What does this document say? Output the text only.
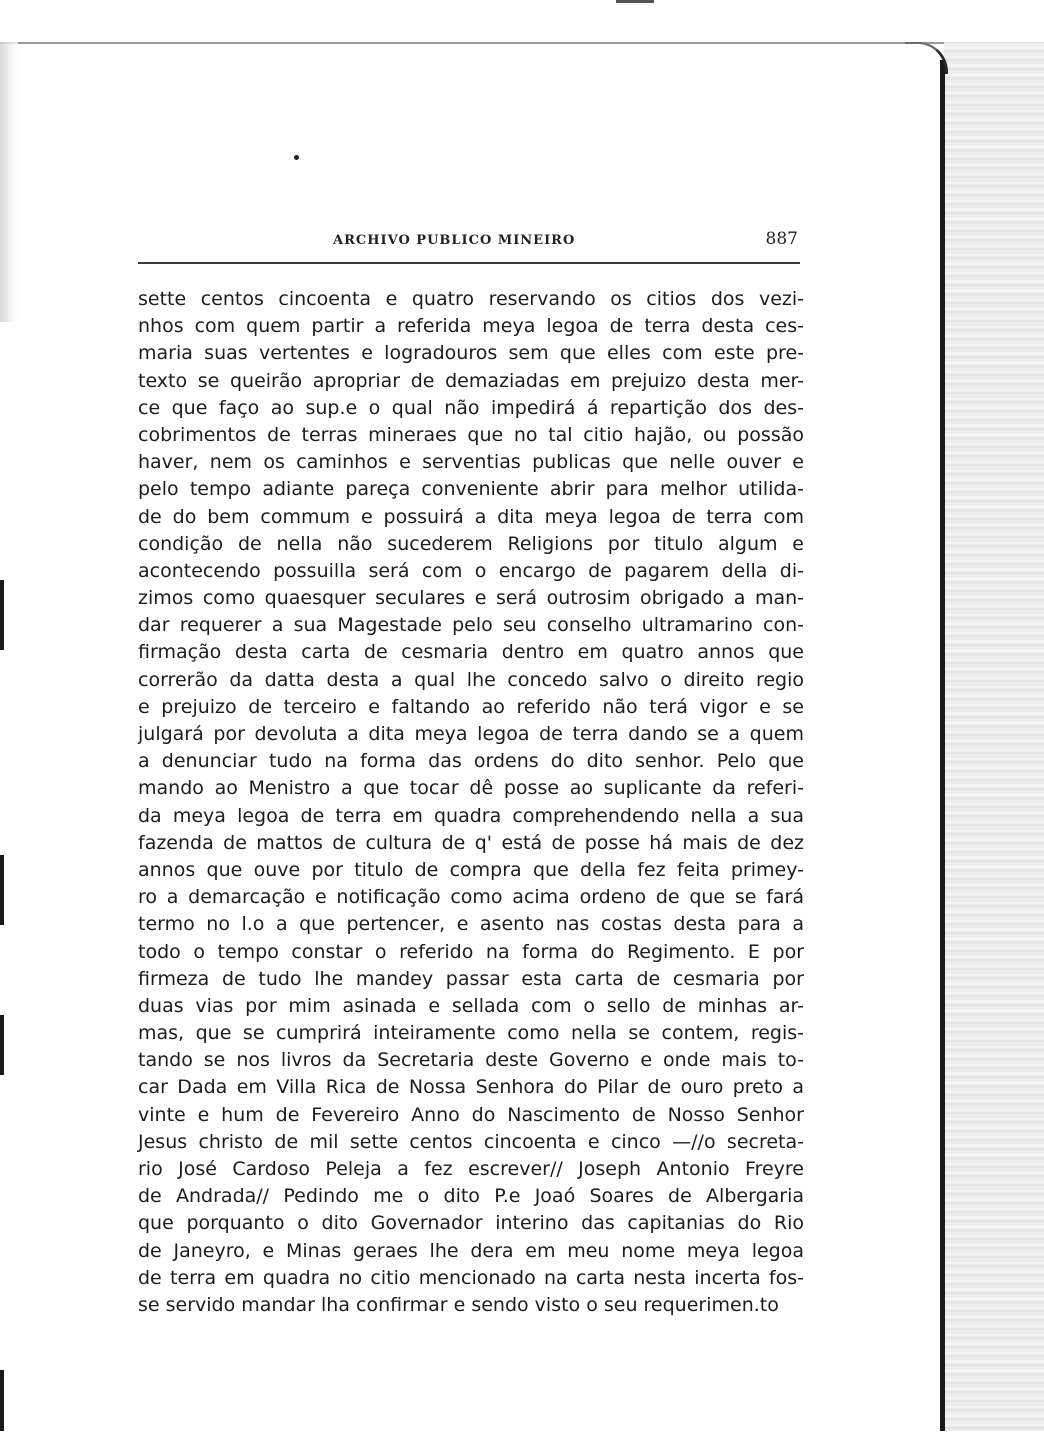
ARCHIVO PUBLICO MINEIRO	887
sette centos cincoenta e quatro reservando os citios dos vezi-
nhos com quem partir a referida meya legoa de terra desta ces-
maria suas vertentes e logradouros sem que elles com este pre-
texto se queirão apropriar de demaziadas em prejuizo desta mer-
ce que faço ao sup.e o qual não impedirá á repartição dos des-
cobrimentos de terras mineraes que no tal citio hajão, ou possão
haver, nem os caminhos e serventias publicas que nelle ouver e
pelo tempo adiante pareça conveniente abrir para melhor utilida-
de do bem commum e possuirá a dita meya legoa de terra com
condição de nella não sucederem Religions por titulo algum e
acontecendo possuilla será com o encargo de pagarem della di-
zimos como quaesquer seculares e será outrosim obrigado a man-
dar requerer a sua Magestade pelo seu conselho ultramarino con-
firmação desta carta de cesmaria dentro em quatro annos que
correrão da datta desta a qual lhe concedo salvo o direito regio
e prejuizo de terceiro e faltando ao referido não terá vigor e se
julgará por devoluta a dita meya legoa de terra dando se a quem
a denunciar tudo na forma das ordens do dito senhor. Pelo que
mando ao Menistro a que tocar dê posse ao suplicante da referi-
da meya legoa de terra em quadra comprehendendo nella a sua
fazenda de mattos de cultura de q' está de posse há mais de dez
annos que ouve por titulo de compra que della fez feita primey-
ro a demarcação e notificação como acima ordeno de que se fará
termo no l.o a que pertencer, e asento nas costas desta para a
todo o tempo constar o referido na forma do Regimento. E por
firmeza de tudo lhe mandey passar esta carta de cesmaria por
duas vias por mim asinada e sellada com o sello de minhas ar-
mas, que se cumprirá inteiramente como nella se contem, regis-
tando se nos livros da Secretaria deste Governo e onde mais to-
car Dada em Villa Rica de Nossa Senhora do Pilar de ouro preto a
vinte e hum de Fevereiro Anno do Nascimento de Nosso Senhor
Jesus christo de mil sette centos cincoenta e cinco —//o secreta-
rio José Cardoso Peleja a fez escrever// Joseph Antonio Freyre
de Andrada// Pedindo me o dito P.e Joaó Soares de Albergaria
que porquanto o dito Governador interino das capitanias do Rio
de Janeyro, e Minas geraes lhe dera em meu nome meya legoa
de terra em quadra no citio mencionado na carta nesta incerta fos-
se servido mandar lha confirmar e sendo visto o seu requerimen.to
